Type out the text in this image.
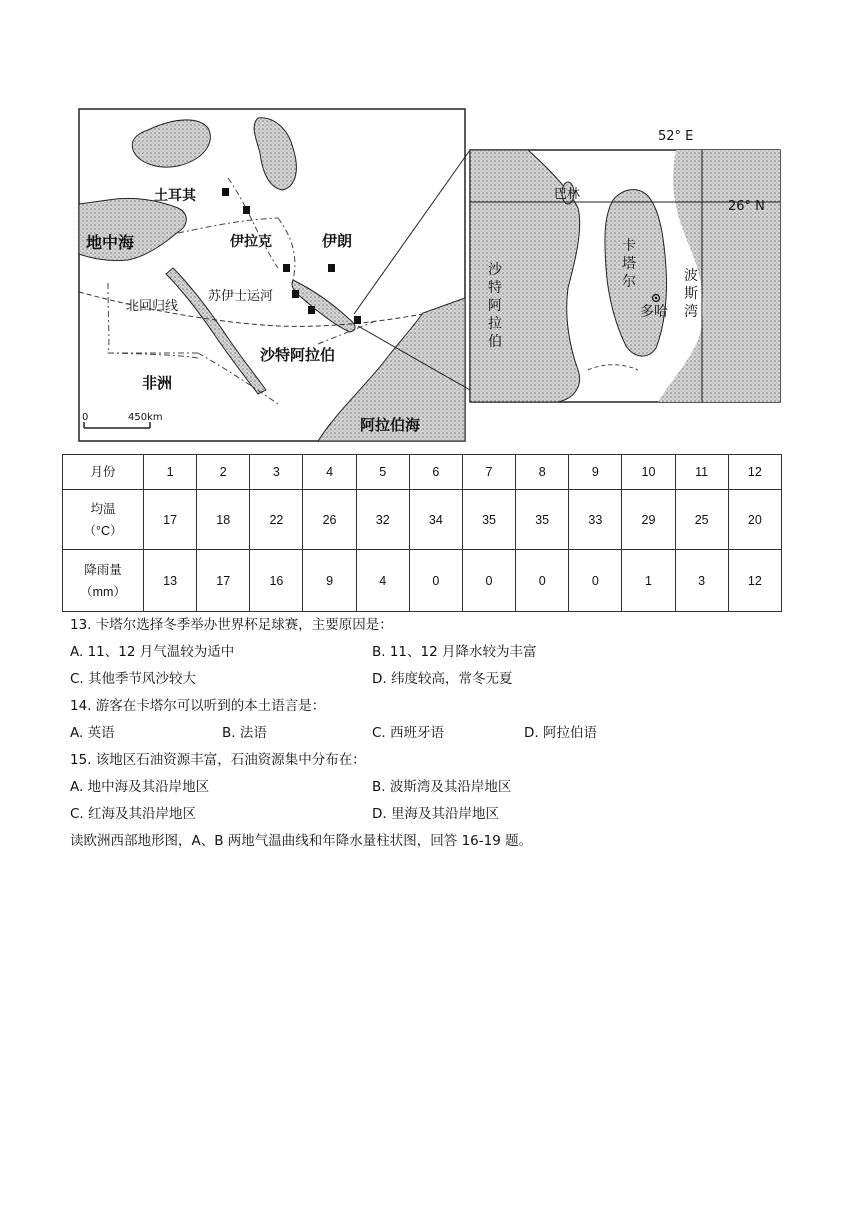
0	450km
土耳其
地中海	伊拉克	伊朗
苏伊士运河
北回归线
沙特阿拉伯
非洲
阿拉伯海
52° E
26° N
巴林
卡
塔
尔
多哈
沙
特
阿
拉
伯
波
斯
湾
月份	1	2	3	4	5	6	7	8	9	10	11	12

均温
（°C）	17	18	22	26	32	34	35	35	33	29	25	20

降雨量
（mm）	13	17	16	9	4	0	0	0	0	1	3	12
13. 卡塔尔选择冬季举办世界杯足球赛，主要原因是：
A. 11、12 月气温较为适中	B. 11、12 月降水较为丰富
C. 其他季节风沙较大	D. 纬度较高，常冬无夏
14. 游客在卡塔尔可以听到的本土语言是：
A. 英语	B. 法语	C. 西班牙语	D. 阿拉伯语
15. 该地区石油资源丰富，石油资源集中分布在：
A. 地中海及其沿岸地区	B. 波斯湾及其沿岸地区
C. 红海及其沿岸地区	D. 里海及其沿岸地区
读欧洲西部地形图，A、B 两地气温曲线和年降水量柱状图，回答 16-19 题。
